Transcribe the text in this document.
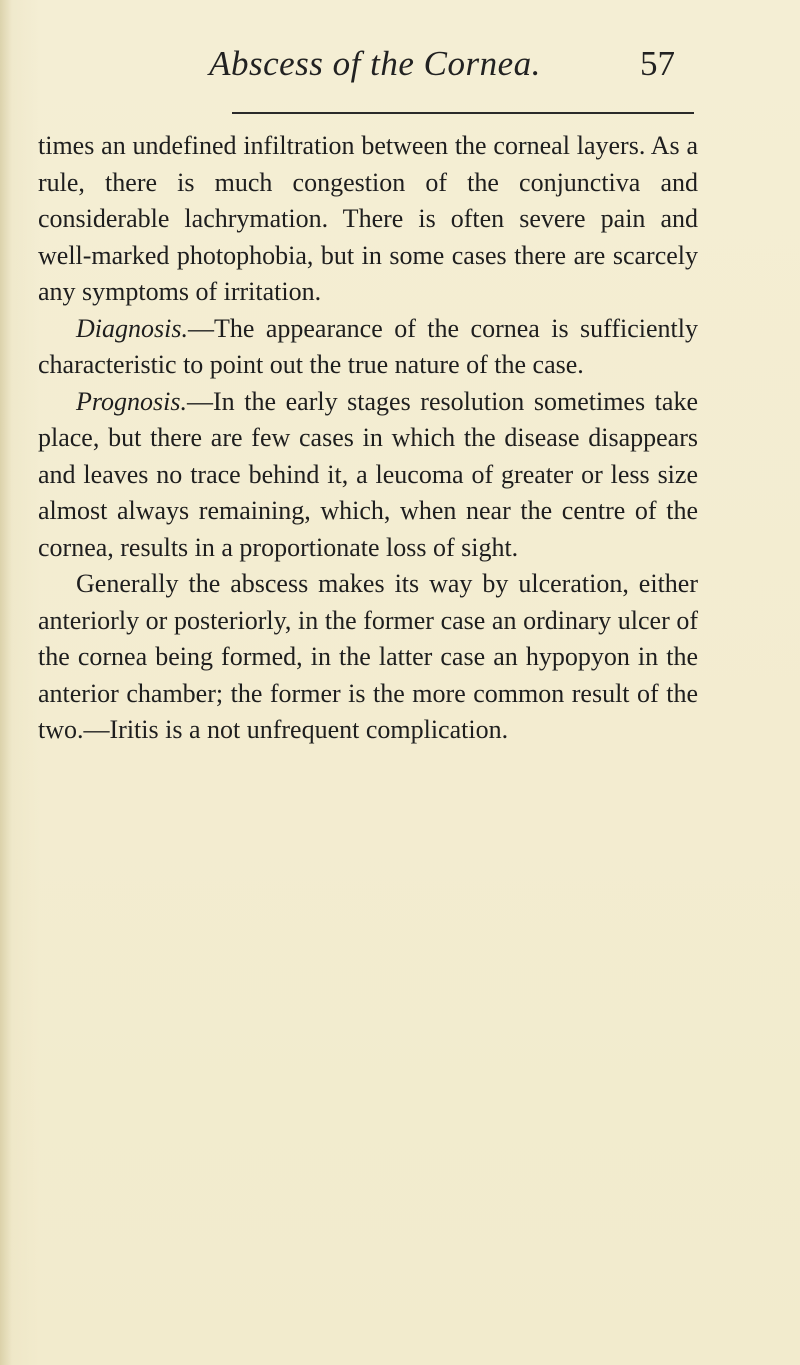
Abscess of the Cornea.	57

times an undefined infiltration between the corneal layers. As a rule, there is much congestion of the conjunctiva and considerable lachrymation. There is often severe pain and well-marked photophobia, but in some cases there are scarcely any symptoms of irritation.

Diagnosis.—The appearance of the cornea is sufficiently characteristic to point out the true nature of the case.

Prognosis.—In the early stages resolution sometimes take place, but there are few cases in which the disease disappears and leaves no trace behind it, a leucoma of greater or less size almost always remaining, which, when near the centre of the cornea, results in a proportionate loss of sight.

Generally the abscess makes its way by ulceration, either anteriorly or posteriorly, in the former case an ordinary ulcer of the cornea being formed, in the latter case an hypopyon in the anterior chamber; the former is the more common result of the two.—Iritis is a not unfrequent complication.
